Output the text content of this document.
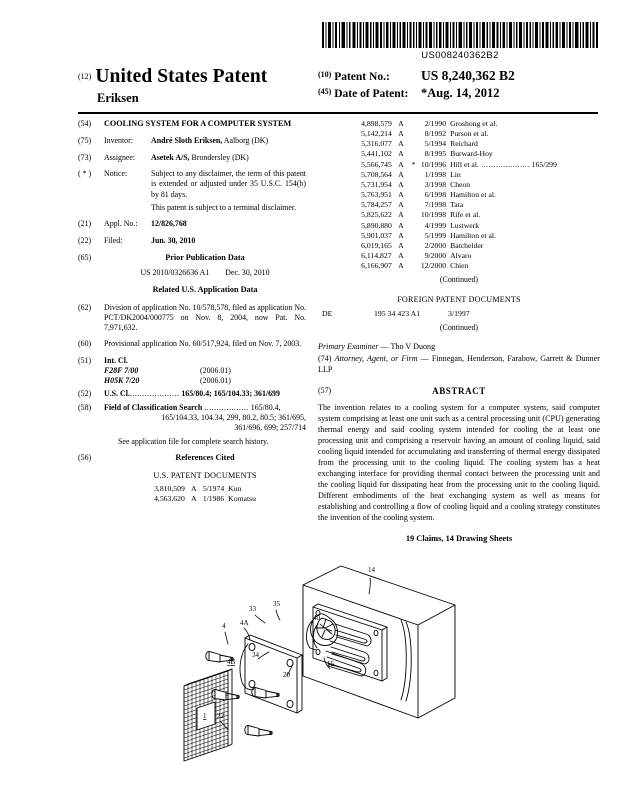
US008240362B2
(12) United States Patent
Eriksen
$^{(10)}$ Patent No.:	US 8,240,362 B2
$^{(45)}$ Date of Patent:	*Aug. 14, 2012
(54)	COOLING SYSTEM FOR A COMPUTER SYSTEM
(75)	Inventor:	André Sloth Eriksen, Aalborg (DK)
(73)	Assignee:	Asetek A/S, Brondersley (DK)
( * )	Notice:	Subject to any disclaimer, the term of this patent is extended or adjusted under 35 U.S.C. 154(b) by 81 days.
This patent is subject to a terminal disclaimer.
(21)	Appl. No.:	12/826,768
(22)	Filed:	Jun. 30, 2010
(65)	Prior Publication Data
US 2010/0326636 A1 Dec. 30, 2010
Related U.S. Application Data
(62)	Division of application No. 10/578,578, filed as application No. PCT/DK2004/000775 on Nov. 8, 2004, now Pat. No. 7,971,632.
(60)	Provisional application No. 60/517,924, filed on Nov. 7, 2003.
(51)	Int. Cl.
F28F 7/00	(2006.01)
H05K 7/20	(2006.01)
(52)	U.S. Cl..................... 165/80.4; 165/104.33; 361/699
(58)	Field of Classification Search .................. 165/80.4,
165/104.33, 104.34, 299, 80.2, 80.5; 361/695,
361/696, 699; 257/714
See application file for complete search history.
(56)	References Cited
U.S. PATENT DOCUMENTS
3,810,509	A	5/1974	Kun
4,563,620	A	1/1986	Komatsu
4,898,579	A		2/1990	Groshong et al.
5,142,214	A		8/1992	Purson et al.
5,316,077	A		5/1994	Reichard
5,441,102	A		8/1995	Burward-Hoy
5,566,745	A	*	10/1996	Hill et al. .................... 165/299
5,708,564	A		1/1998	Lin
5,731,954	A		3/1998	Cheon
5,763,951	A		6/1998	Hamilton et al.
5,784,257	A		7/1998	Tata
5,825,622	A		10/1998	Rife et al.
5,890,880	A		4/1999	Lustwerk
5,901,037	A		5/1999	Hamilton et al.
6,019,165	A		2/2000	Batchelder
6,114,827	A		9/2000	Alvaro
6,166,907	A		12/2000	Chien
(Continued)
FOREIGN PATENT DOCUMENTS
DE	195 34 423 A1	3/1997
(Continued)
Primary Examiner — Tho V Duong
(74) Attorney, Agent, or Firm — Finnegan, Henderson, Farabow, Garrett & Dunner LLP
(57)	ABSTRACT
The invention relates to a cooling system for a computer system, said computer system comprising at least one unit such as a central processing unit (CPU) generating thermal energy and said cooling system intended for cooling the at least one processing unit and comprising a reservoir having an amount of cooling liquid, said cooling liquid intended for accumulating and transferring of thermal energy dissipated from the processing unit to the cooling liquid. The cooling system has a heat exchanging interface for providing thermal contact between the processing unit and the cooling liquid for dissipating heat from the processing unit to the cooling liquid. Different embodiments of the heat exchanging system as well as means for establishing and controlling a flow of cooling liquid and a cooling strategy constitutes the invention of the cooling system.
19 Claims, 14 Drawing Sheets
14
33
35
40
34
15
20
4 4A
4B
22
1
